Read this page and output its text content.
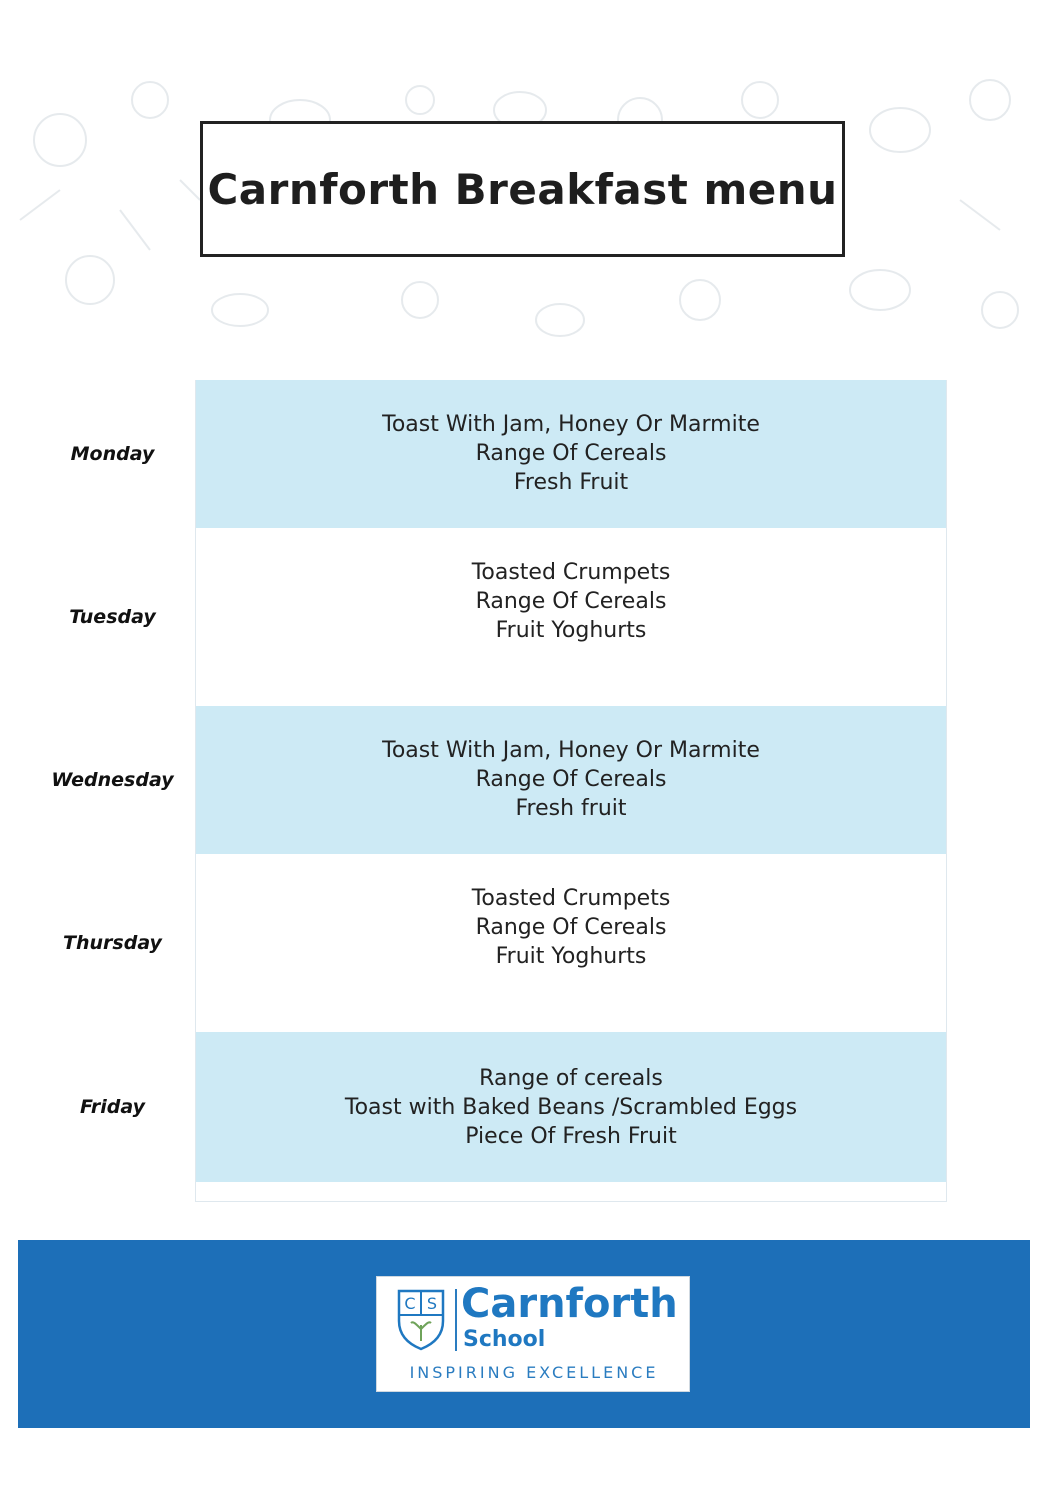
Carnforth Breakfast menu
Monday
Toast With Jam, Honey Or Marmite
Range Of Cereals
Fresh Fruit
Tuesday
Toasted Crumpets
Range Of Cereals
Fruit Yoghurts
Wednesday
Toast With Jam, Honey Or Marmite
Range Of Cereals
Fresh fruit
Thursday
Toasted Crumpets
Range Of Cereals
Fruit Yoghurts
Friday
Range of cereals
Toast with Baked Beans /Scrambled Eggs
Piece Of Fresh Fruit
C S Carnforth
School
INSPIRING EXCELLENCE
